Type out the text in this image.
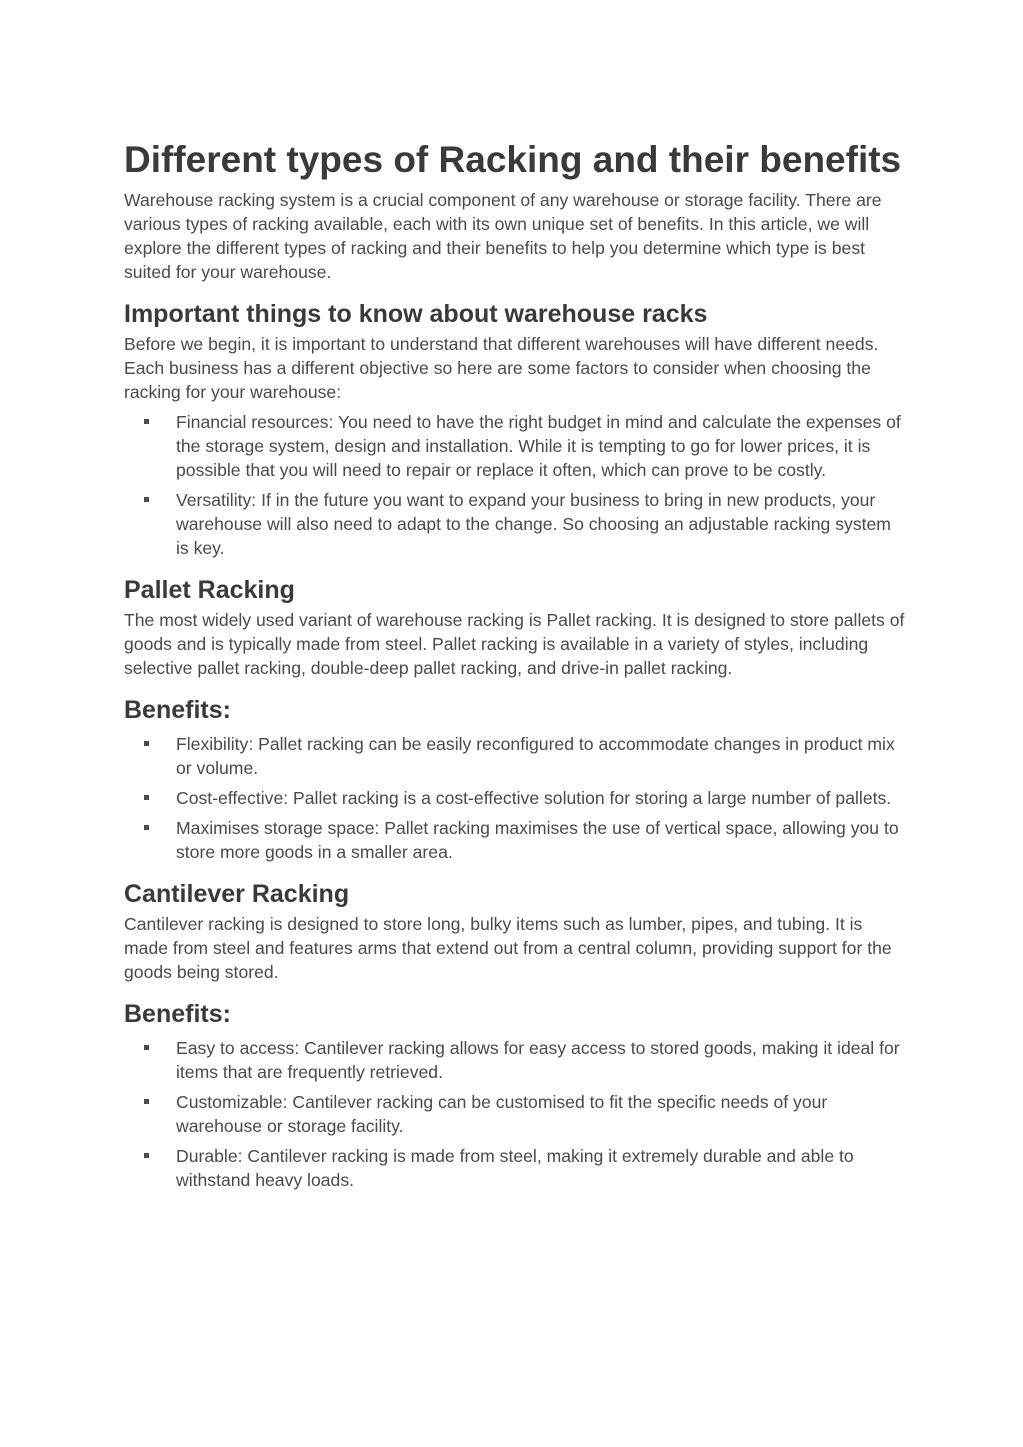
Different types of Racking and their benefits

Warehouse racking system is a crucial component of any warehouse or storage facility. There are various types of racking available, each with its own unique set of benefits. In this article, we will explore the different types of racking and their benefits to help you determine which type is best suited for your warehouse.

Important things to know about warehouse racks

Before we begin, it is important to understand that different warehouses will have different needs. Each business has a different objective so here are some factors to consider when choosing the racking for your warehouse:

Financial resources: You need to have the right budget in mind and calculate the expenses of the storage system, design and installation. While it is tempting to go for lower prices, it is possible that you will need to repair or replace it often, which can prove to be costly.
Versatility: If in the future you want to expand your business to bring in new products, your warehouse will also need to adapt to the change. So choosing an adjustable racking system is key.
Pallet Racking

The most widely used variant of warehouse racking is Pallet racking. It is designed to store pallets of goods and is typically made from steel. Pallet racking is available in a variety of styles, including selective pallet racking, double-deep pallet racking, and drive-in pallet racking.

Benefits:
Flexibility: Pallet racking can be easily reconfigured to accommodate changes in product mix or volume.
Cost-effective: Pallet racking is a cost-effective solution for storing a large number of pallets.
Maximises storage space: Pallet racking maximises the use of vertical space, allowing you to store more goods in a smaller area.
Cantilever Racking

Cantilever racking is designed to store long, bulky items such as lumber, pipes, and tubing. It is made from steel and features arms that extend out from a central column, providing support for the goods being stored.

Benefits:
Easy to access: Cantilever racking allows for easy access to stored goods, making it ideal for items that are frequently retrieved.
Customizable: Cantilever racking can be customised to fit the specific needs of your warehouse or storage facility.
Durable: Cantilever racking is made from steel, making it extremely durable and able to withstand heavy loads.
